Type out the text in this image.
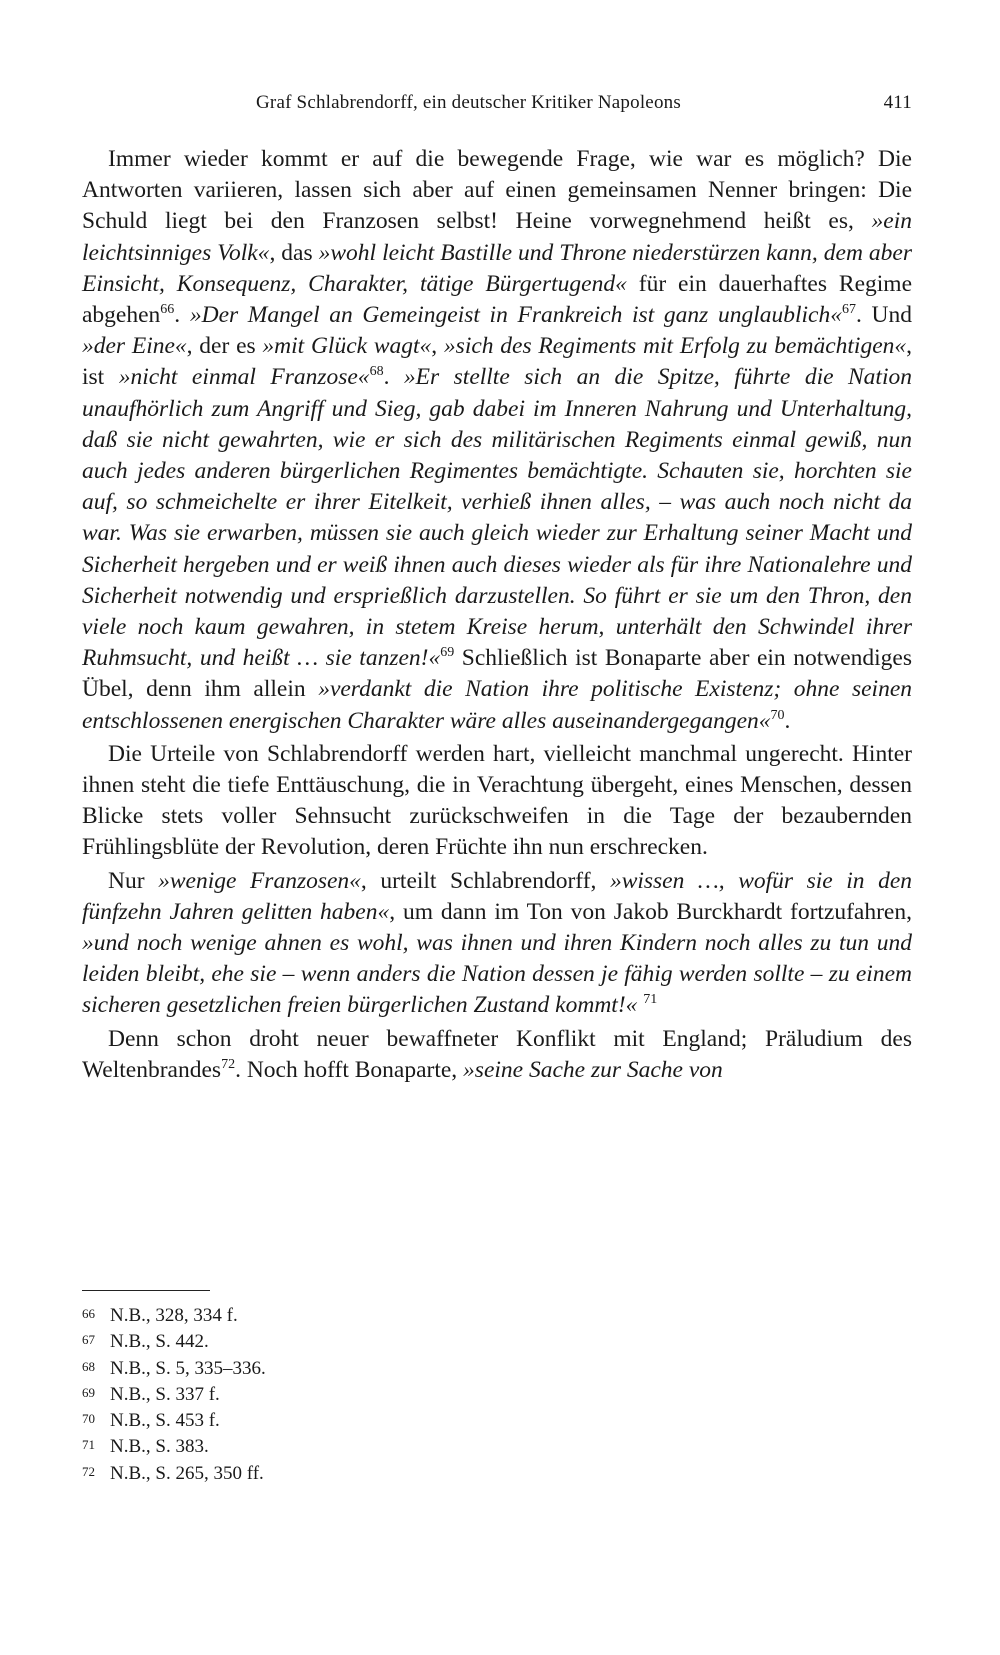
Graf Schlabrendorff, ein deutscher Kritiker Napoleons	411

Immer wieder kommt er auf die bewegende Frage, wie war es möglich? Die Antworten variieren, lassen sich aber auf einen gemeinsamen Nenner bringen: Die Schuld liegt bei den Franzosen selbst! Heine vorwegnehmend heißt es, »ein leichtsinniges Volk«, das »wohl leicht Bastille und Throne niederstürzen kann, dem aber Einsicht, Konsequenz, Charakter, tätige Bürgertugend« für ein dauerhaftes Regime abgehen$^{66}$. »Der Mangel an Gemeingeist in Frankreich ist ganz unglaublich«$^{67}$. Und »der Eine«, der es »mit Glück wagt«, »sich des Regiments mit Erfolg zu bemächtigen«, ist »nicht einmal Franzose«$^{68}$. »Er stellte sich an die Spitze, führte die Nation unaufhörlich zum Angriff und Sieg, gab dabei im Inneren Nahrung und Unterhaltung, daß sie nicht gewahrten, wie er sich des militärischen Regiments einmal gewiß, nun auch jedes anderen bürgerlichen Regimentes bemächtigte. Schauten sie, horchten sie auf, so schmeichelte er ihrer Eitelkeit, verhieß ihnen alles, – was auch noch nicht da war. Was sie erwarben, müssen sie auch gleich wieder zur Erhaltung seiner Macht und Sicherheit hergeben und er weiß ihnen auch dieses wieder als für ihre Nationalehre und Sicherheit notwendig und ersprießlich darzustellen. So führt er sie um den Thron, den viele noch kaum gewahren, in stetem Kreise herum, unterhält den Schwindel ihrer Ruhmsucht, und heißt … sie tanzen!«$^{69}$ Schließlich ist Bonaparte aber ein notwendiges Übel, denn ihm allein »verdankt die Nation ihre politische Existenz; ohne seinen entschlossenen energischen Charakter wäre alles auseinandergegangen«$^{70}$.

Die Urteile von Schlabrendorff werden hart, vielleicht manchmal ungerecht. Hinter ihnen steht die tiefe Enttäuschung, die in Verachtung übergeht, eines Menschen, dessen Blicke stets voller Sehnsucht zurückschweifen in die Tage der bezaubernden Frühlingsblüte der Revolution, deren Früchte ihn nun erschrecken.

Nur »wenige Franzosen«, urteilt Schlabrendorff, »wissen …, wofür sie in den fünfzehn Jahren gelitten haben«, um dann im Ton von Jakob Burckhardt fortzufahren, »und noch wenige ahnen es wohl, was ihnen und ihren Kindern noch alles zu tun und leiden bleibt, ehe sie – wenn anders die Nation dessen je fähig werden sollte – zu einem sicheren gesetzlichen freien bürgerlichen Zustand kommt!« $^{71}$

Denn schon droht neuer bewaffneter Konflikt mit England; Präludium des Weltenbrandes$^{72}$. Noch hofft Bonaparte, »seine Sache zur Sache von

66 N.B., 328, 334 f.
67 N.B., S. 442.
68 N.B., S. 5, 335–336.
69 N.B., S. 337 f.
70 N.B., S. 453 f.
71 N.B., S. 383.
72 N.B., S. 265, 350 ff.
